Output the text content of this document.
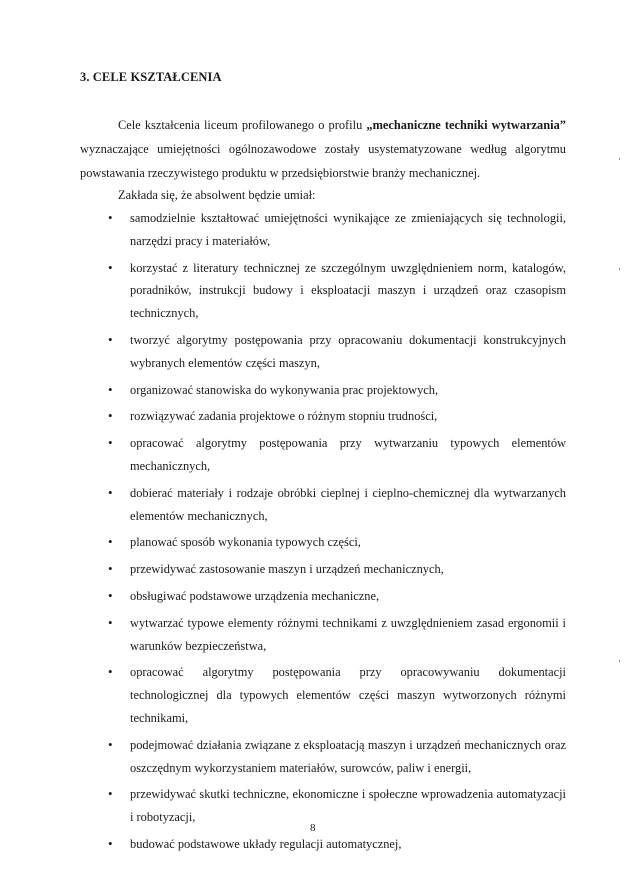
3. CELE KSZTAŁCENIA

Cele kształcenia liceum profilowanego o profilu „mechaniczne techniki wytwarzania” wyznaczające umiejętności ogólnozawodowe zostały usystematyzowane według algorytmu powstawania rzeczywistego produktu w przedsiębiorstwie branży mechanicznej.

Zakłada się, że absolwent będzie umiał:

• samodzielnie kształtować umiejętności wynikające ze zmieniających się technologii, narzędzi pracy i materiałów,
• korzystać z literatury technicznej ze szczególnym uwzględnieniem norm, katalogów, poradników, instrukcji budowy i eksploatacji maszyn i urządzeń oraz czasopism technicznych,
• tworzyć algorytmy postępowania przy opracowaniu dokumentacji konstrukcyjnych wybranych elementów części maszyn,
• organizować stanowiska do wykonywania prac projektowych,
• rozwiązywać zadania projektowe o różnym stopniu trudności,
• opracować algorytmy postępowania przy wytwarzaniu typowych elementów mechanicznych,
• dobierać materiały i rodzaje obróbki cieplnej i cieplno-chemicznej dla wytwarzanych elementów mechanicznych,
• planować sposób wykonania typowych części,
• przewidywać zastosowanie maszyn i urządzeń mechanicznych,
• obsługiwać podstawowe urządzenia mechaniczne,
• wytwarzać typowe elementy różnymi technikami z uwzględnieniem zasad ergonomii i warunków bezpieczeństwa,
• opracować algorytmy postępowania przy opracowywaniu dokumentacji technologicznej dla typowych elementów części maszyn wytworzonych różnymi technikami,
• podejmować działania związane z eksploatacją maszyn i urządzeń mechanicznych oraz oszczędnym wykorzystaniem materiałów, surowców, paliw i energii,
• przewidywać skutki techniczne, ekonomiczne i społeczne wprowadzenia automatyzacji i robotyzacji,
• budować podstawowe układy regulacji automatycznej,
8
